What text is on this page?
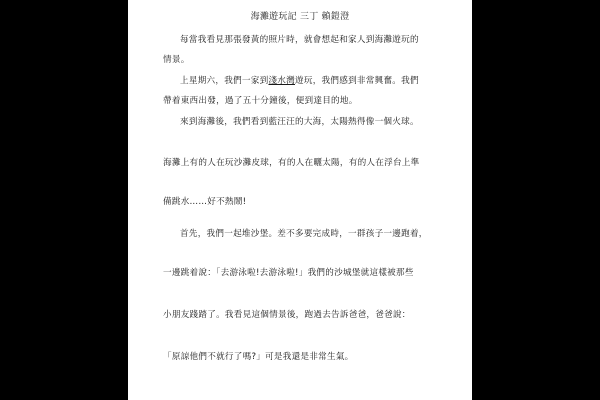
海灘遊玩記 三丁 賴鎧澄
每當我看見那張發黃的照片時，就會想起和家人到海灘遊玩的
情景。
上星期六，我們一家到淺水灣遊玩，我們感到非常興奮。我們
帶着東西出發，過了五十分鐘後，便到達目的地。
來到海灘後，我們看到藍汪汪的大海，太陽熱得像一個火球。
海灘上有的人在玩沙灘皮球，有的人在曬太陽，有的人在浮台上準
備跳水……好不熱鬧!
首先，我們一起堆沙堡。差不多要完成時，一群孩子一邊跑着，
一邊跳着說：「去游泳啦!去游泳啦!」我們的沙城堡就這樣被那些
小朋友踐踏了。我看見這個情景後，跑過去告訴爸爸，爸爸說：
「原諒他們不就行了嗎?」可是我還是非常生氣。
